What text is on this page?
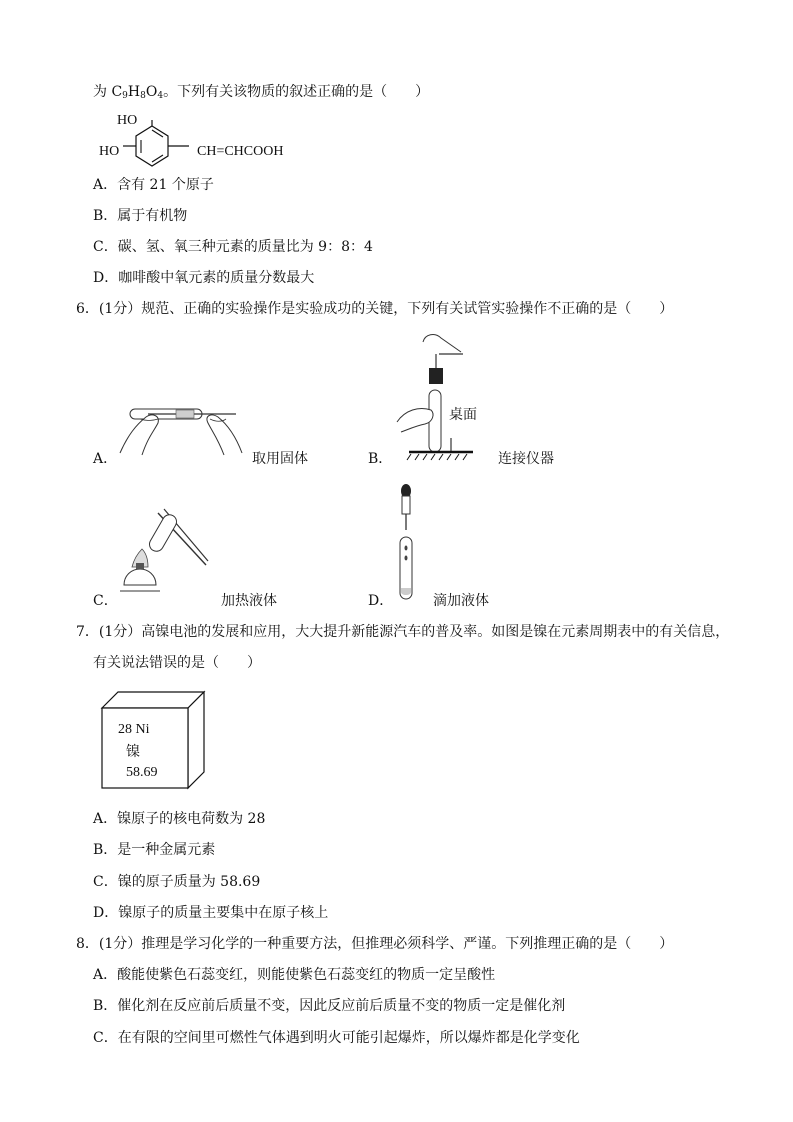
为 $C_9H_8O_4$。下列有关该物质的叙述正确的是（　　）
HO
HO	CH=CHCOOH
A．含有 21 个原子
B．属于有机物
C．碳、氢、氧三种元素的质量比为 9：8：4
D．咖啡酸中氧元素的质量分数最大
6．(1分）规范、正确的实验操作是实验成功的关键，下列有关试管实验操作不正确的是（　　）
A．	取用固体	B．
桌面
连接仪器
C．	加热液体	D．	滴加液体
7．(1分）高镍电池的发展和应用，大大提升新能源汽车的普及率。如图是镍在元素周期表中的有关信息，
有关说法错误的是（　　）
28 Ni
镍
58.69
A．镍原子的核电荷数为 28
B．是一种金属元素
C．镍的原子质量为 58.69
D．镍原子的质量主要集中在原子核上
8．(1分）推理是学习化学的一种重要方法，但推理必须科学、严谨。下列推理正确的是（　　）
A．酸能使紫色石蕊变红，则能使紫色石蕊变红的物质一定呈酸性
B．催化剂在反应前后质量不变，因此反应前后质量不变的物质一定是催化剂
C．在有限的空间里可燃性气体遇到明火可能引起爆炸，所以爆炸都是化学变化
